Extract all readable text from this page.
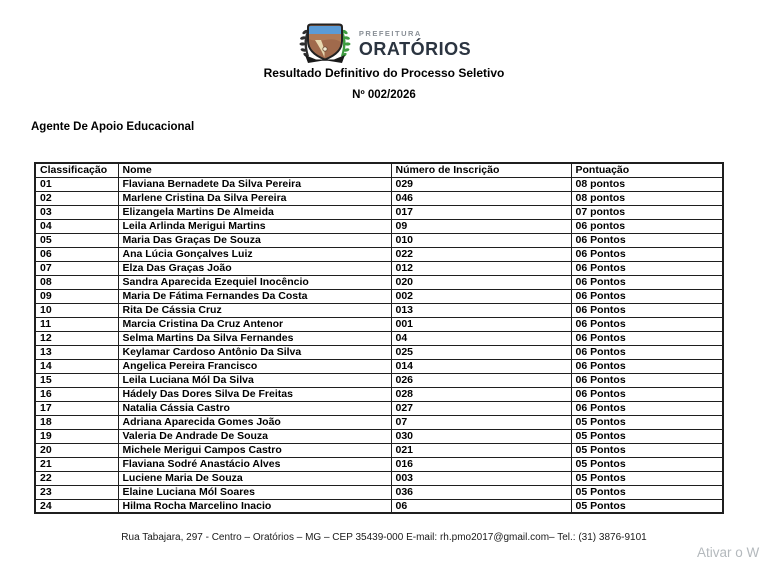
PREFEITURA
ORATÓRIOS
Resultado Definitivo do Processo Seletivo
Nº 002/2026
Agente De Apoio Educacional
Classificação	Nome	Número de Inscrição	Pontuação
01	Flaviana Bernadete Da Silva Pereira	029	08 pontos
02	Marlene Cristina Da Silva Pereira	046	08 pontos
03	Elizangela Martins De Almeida	017	07 pontos
04	Leila Arlinda Merigui Martins	09	06 pontos
05	Maria Das Graças De Souza	010	06 Pontos
06	Ana Lúcia Gonçalves Luiz	022	06 Pontos
07	Elza Das Graças João	012	06 Pontos
08	Sandra Aparecida Ezequiel Inocêncio	020	06 Pontos
09	Maria De Fátima Fernandes Da Costa	002	06 Pontos
10	Rita De Cássia Cruz	013	06 Pontos
11	Marcia Cristina Da Cruz Antenor	001	06 Pontos
12	Selma Martins Da Silva Fernandes	04	06 Pontos
13	Keylamar Cardoso Antônio Da Silva	025	06 Pontos
14	Angelica Pereira Francisco	014	06 Pontos
15	Leila Luciana Mól Da Silva	026	06 Pontos
16	Hádely Das Dores Silva De Freitas	028	06 Pontos
17	Natalia Cássia Castro	027	06 Pontos
18	Adriana Aparecida Gomes João	07	05 Pontos
19	Valeria De Andrade De Souza	030	05 Pontos
20	Michele Merigui Campos Castro	021	05 Pontos
21	Flaviana Sodré Anastácio Alves	016	05 Pontos
22	Luciene Maria De Souza	003	05 Pontos
23	Elaine Luciana Mól Soares	036	05 Pontos
24	Hilma Rocha Marcelino Inacio	06	05 Pontos
Rua Tabajara, 297 - Centro – Oratórios – MG – CEP 35439-000 E-mail: rh.pmo2017@gmail.com– Tel.: (31) 3876-9101
Ativar o W
